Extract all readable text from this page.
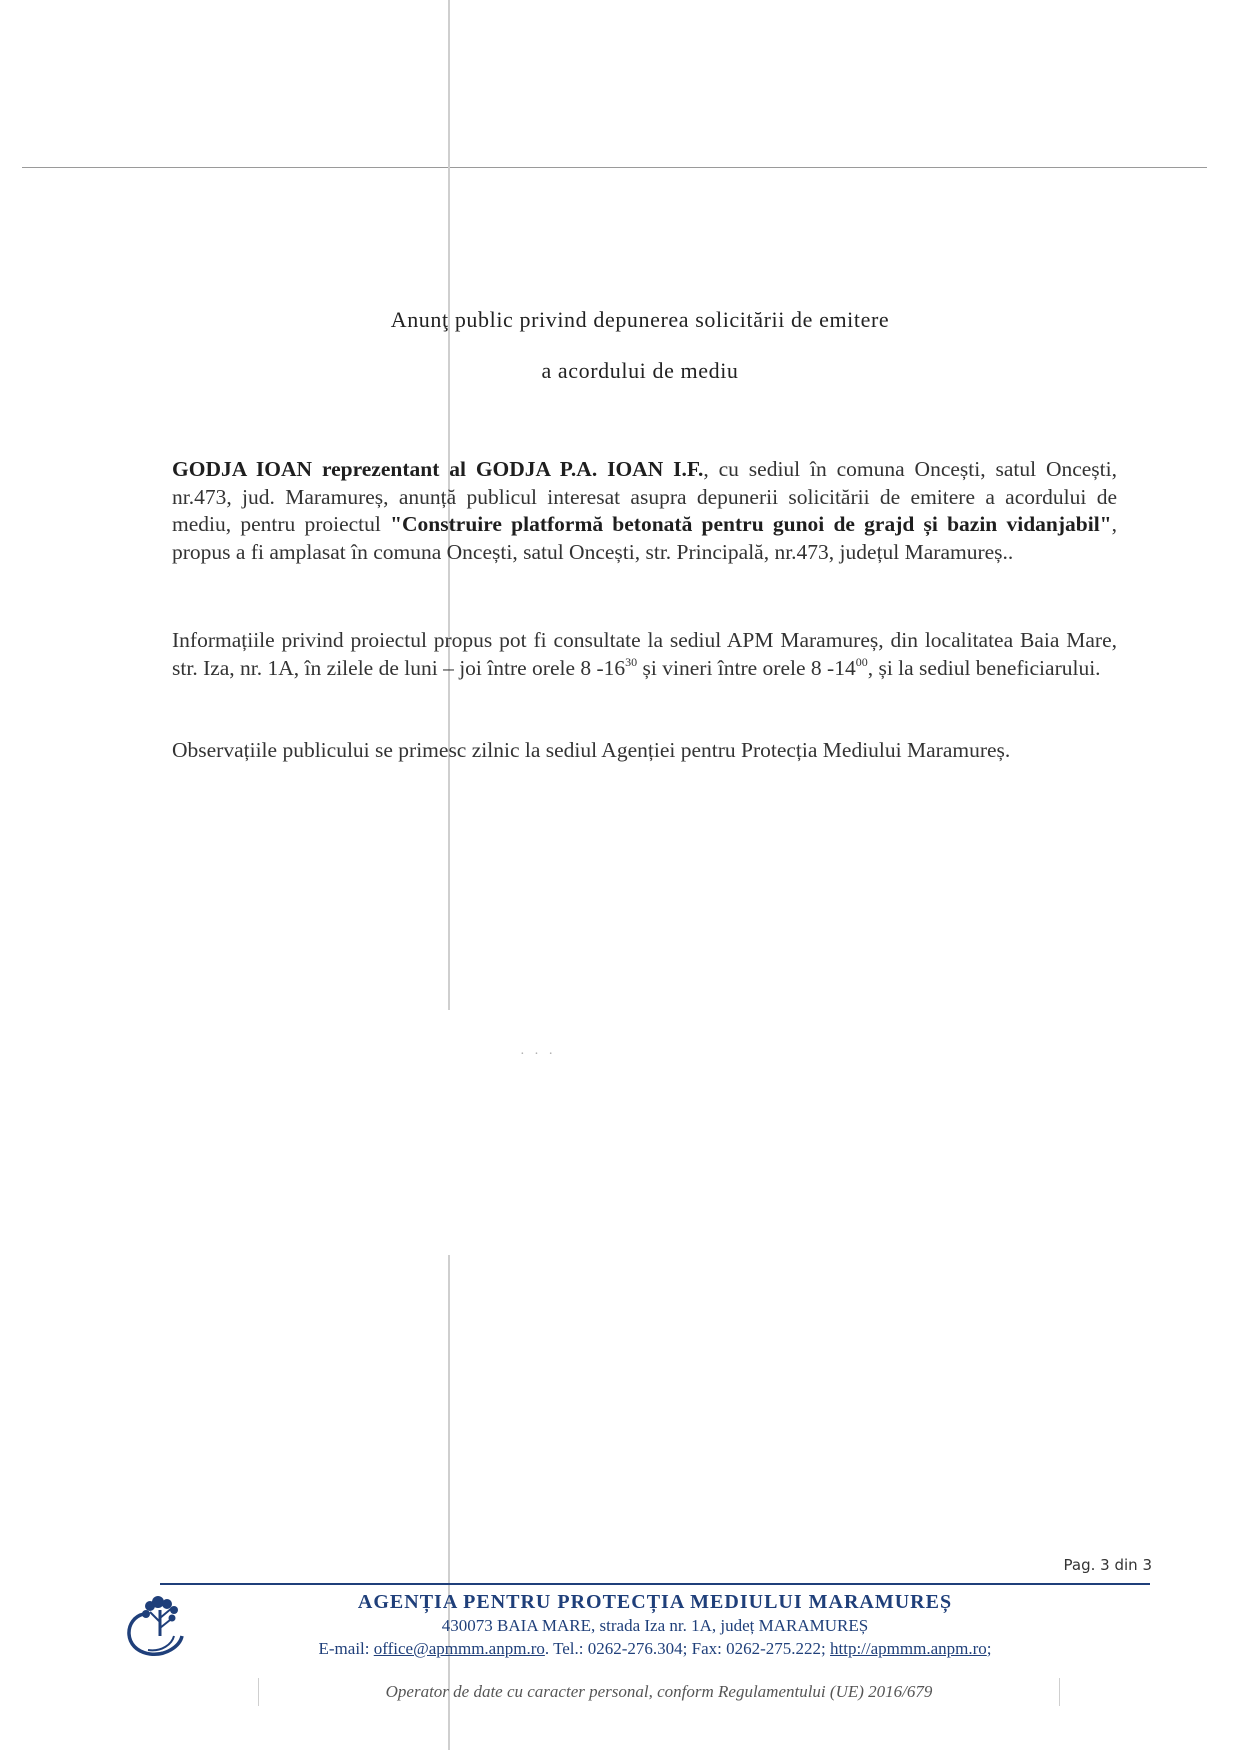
Anunţ public privind depunerea solicitării de emitere
a acordului de mediu

GODJA IOAN reprezentant al GODJA P.A. IOAN I.F., cu sediul în comuna Oncești, satul Oncești, nr.473, jud. Maramureș, anunță publicul interesat asupra depunerii solicitării de emitere a acordului de mediu, pentru proiectul "Construire platformă betonată pentru gunoi de grajd și bazin vidanjabil", propus a fi amplasat în comuna Oncești, satul Oncești, str. Principală, nr.473, județul Maramureș..

Informațiile privind proiectul propus pot fi consultate la sediul APM Maramureș, din localitatea Baia Mare, str. Iza, nr. 1A, în zilele de luni – joi între orele 8 $-16^{30}$ și vineri între orele 8 $-14^{00}$, și la sediul beneficiarului.

Observațiile publicului se primesc zilnic la sediul Agenției pentru Protecția Mediului Maramureș.
· · ·
Pag. 3 din 3
AGENȚIA PENTRU PROTECȚIA MEDIULUI MARAMUREȘ
430073 BAIA MARE, strada Iza nr. 1A, județ MARAMUREȘ
E-mail: office@apmmm.anpm.ro. Tel.: 0262-276.304; Fax: 0262-275.222; http://apmmm.anpm.ro;
Operator de date cu caracter personal, conform Regulamentului (UE) 2016/679
